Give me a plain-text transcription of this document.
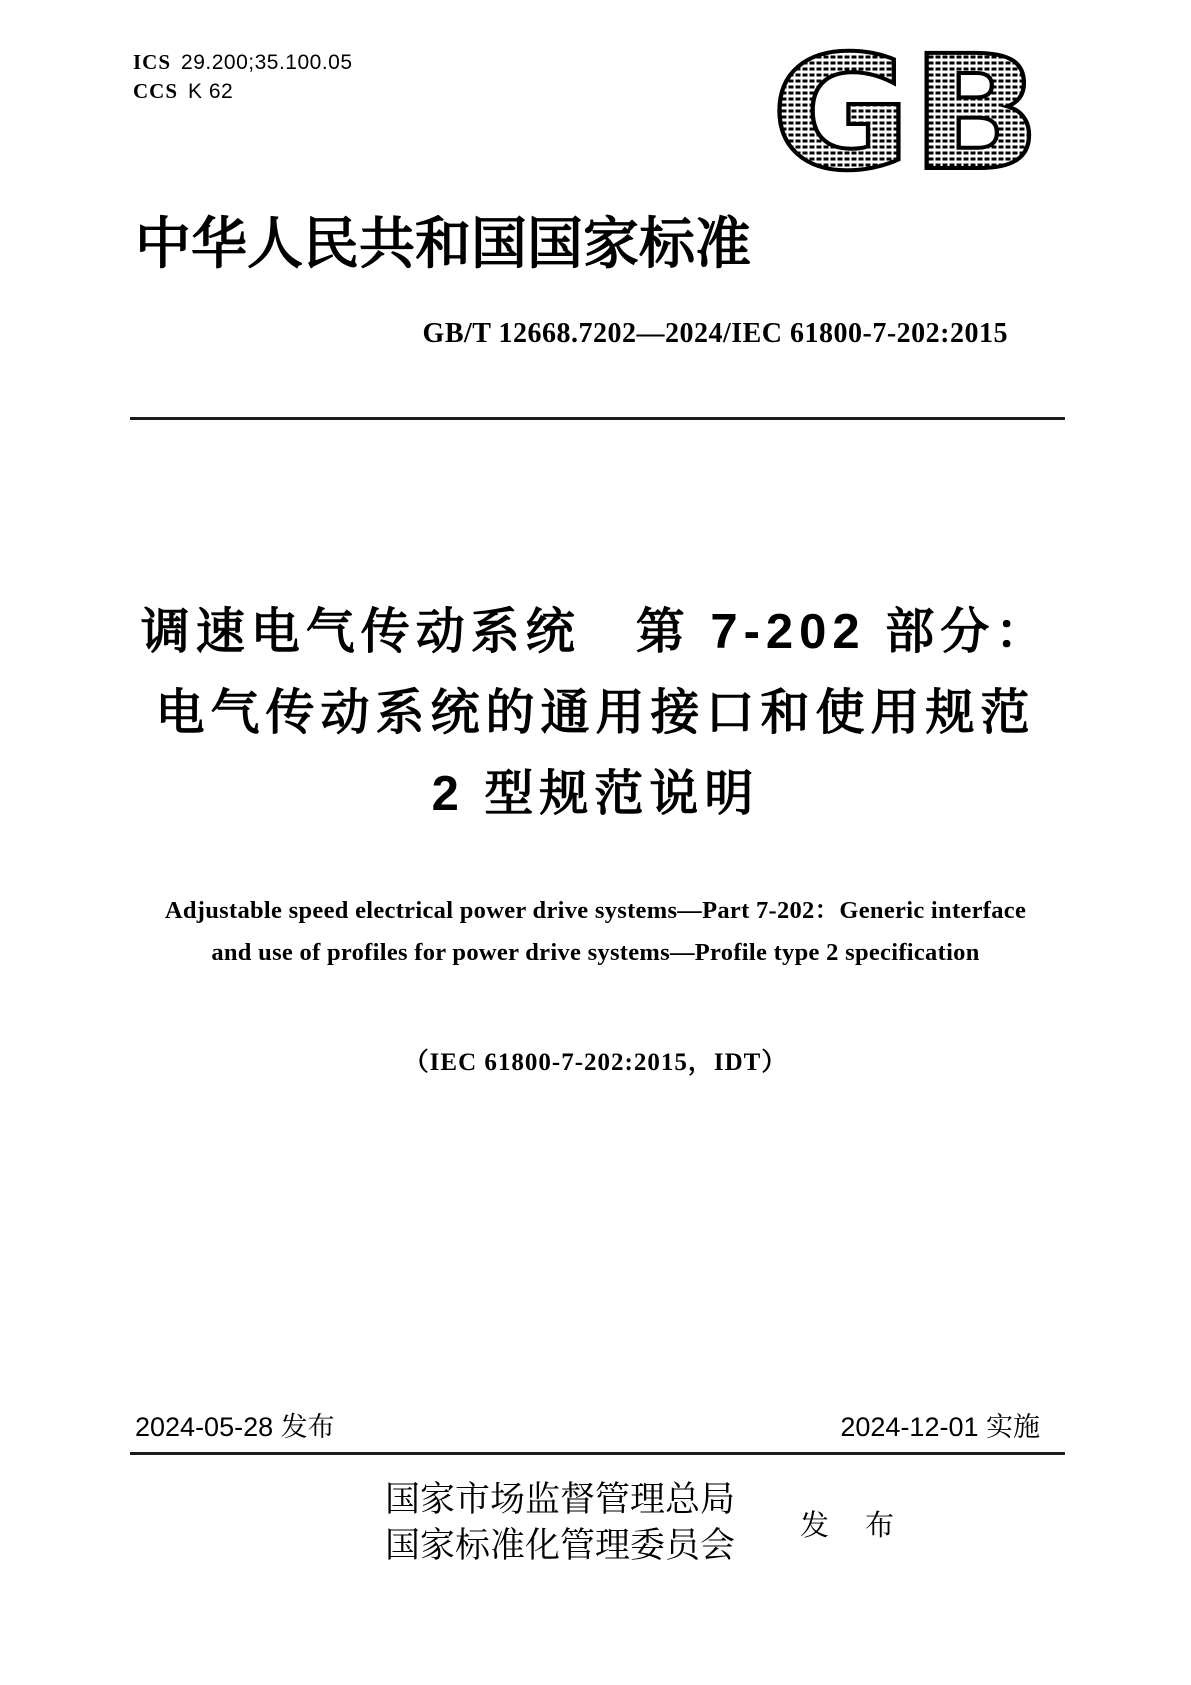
ICS 29.200;35.100.05
CCS K 62	GB
中华人民共和国国家标准
GB/T 12668.7202—2024/IEC 61800-7-202:2015
调速电气传动系统　第 7-202 部分：
电气传动系统的通用接口和使用规范
2 型规范说明
Adjustable speed electrical power drive systems—Part 7-202：Generic interface
and use of profiles for power drive systems—Profile type 2 specification
（IEC 61800-7-202:2015，IDT）
2024-05-28 发布	2024-12-01 实施
国家市场监督管理总局
国家标准化管理委员会	发 布
